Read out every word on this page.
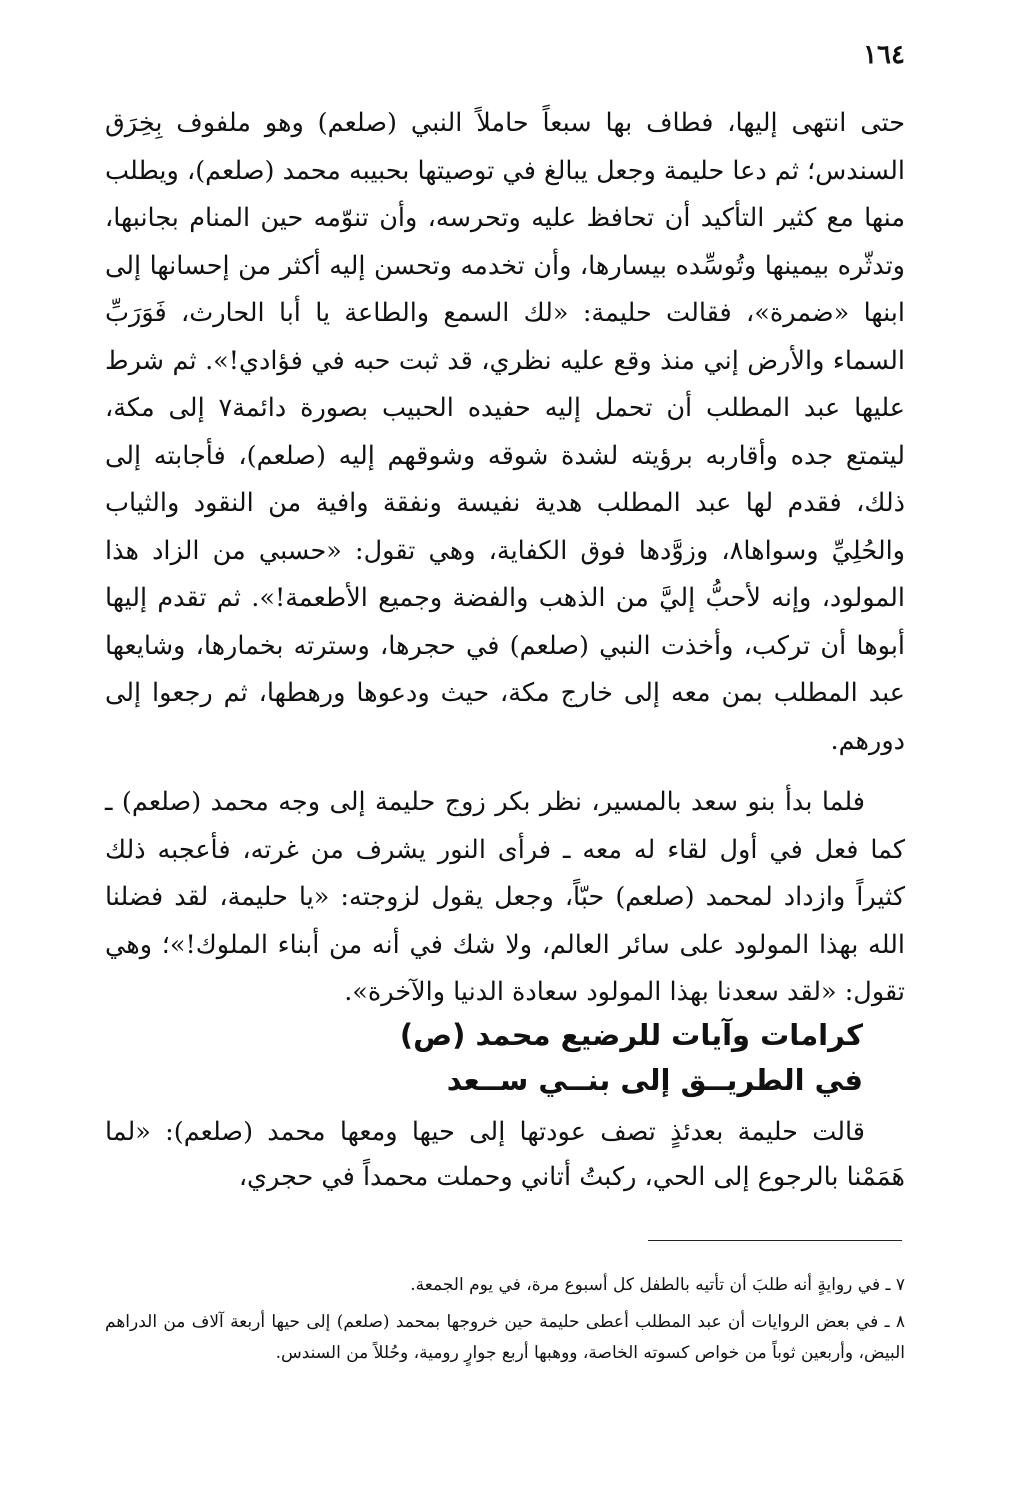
١٦٤

حتى انتهى إليها، فطاف بها سبعاً حاملاً النبي (صلعم) وهو ملفوف بِخِرَق السندس؛ ثم دعا حليمة وجعل يبالغ في توصيتها بحبيبه محمد (صلعم)، ويطلب منها مع كثير التأكيد أن تحافظ عليه وتحرسه، وأن تنوّمه حين المنام بجانبها، وتدثّره بيمينها وتُوسِّده بيسارها، وأن تخدمه وتحسن إليه أكثر من إحسانها إلى ابنها «ضمرة»، فقالت حليمة: «لك السمع والطاعة يا أبا الحارث، فَوَرَبِّ السماء والأرض إني منذ وقع عليه نظري، قد ثبت حبه في فؤادي!». ثم شرط عليها عبد المطلب أن تحمل إليه حفيده الحبيب بصورة دائمة٧ إلى مكة، ليتمتع جده وأقاربه برؤيته لشدة شوقه وشوقهم إليه (صلعم)، فأجابته إلى ذلك، فقدم لها عبد المطلب هدية نفيسة ونفقة وافية من النقود والثياب والحُلِيِّ وسواها٨، وزوَّدها فوق الكفاية، وهي تقول: «حسبي من الزاد هذا المولود، وإنه لأحبُّ إليَّ من الذهب والفضة وجميع الأطعمة!». ثم تقدم إليها أبوها أن تركب، وأخذت النبي (صلعم) في حجرها، وسترته بخمارها، وشايعها عبد المطلب بمن معه إلى خارج مكة، حيث ودعوها ورهطها، ثم رجعوا إلى دورهم.

فلما بدأ بنو سعد بالمسير، نظر بكر زوج حليمة إلى وجه محمد (صلعم) ـ كما فعل في أول لقاء له معه ـ فرأى النور يشرف من غرته، فأعجبه ذلك كثيراً وازداد لمحمد (صلعم) حبّاً، وجعل يقول لزوجته: «يا حليمة، لقد فضلنا الله بهذا المولود على سائر العالم، ولا شك في أنه من أبناء الملوك!»؛ وهي تقول: «لقد سعدنا بهذا المولود سعادة الدنيا والآخرة».

كرامات وآيات للرضيع محمد (ص)
في الطريــق إلى بنــي ســعد

قالت حليمة بعدئذٍ تصف عودتها إلى حيها ومعها محمد (صلعم): «لما هَمَمْنا بالرجوع إلى الحي، ركبتُ أتاني وحملت محمداً في حجري،

٧ ـ في روايةٍ أنه طلبَ أن تأتيه بالطفل كل أسبوع مرة، في يوم الجمعة.

٨ ـ في بعض الروايات أن عبد المطلب أعطى حليمة حين خروجها بمحمد (صلعم) إلى حيها أربعة آلاف من الدراهم البيض، وأربعين ثوباً من خواص كسوته الخاصة، ووهبها أربع جوارٍ رومية، وحُللاً من السندس.
